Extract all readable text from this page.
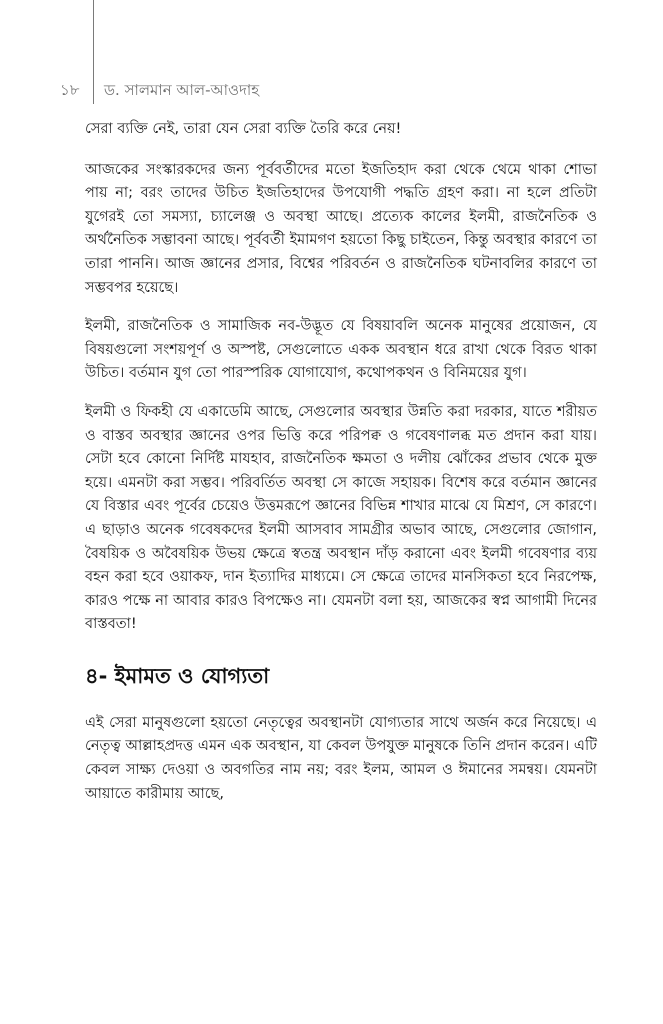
১৮ ড. সালমান আল-আওদাহ

সেরা ব্যক্তি নেই, তারা যেন সেরা ব্যক্তি তৈরি করে নেয়!

আজকের সংস্কারকদের জন্য পূর্ববর্তীদের মতো ইজতিহাদ করা থেকে থেমে থাকা শোভা পায় না; বরং তাদের উচিত ইজতিহাদের উপযোগী পদ্ধতি গ্রহণ করা। না হলে প্রতিটা যুগেরই তো সমস্যা, চ্যালেঞ্জ ও অবস্থা আছে। প্রত্যেক কালের ইলমী, রাজনৈতিক ও অর্থনৈতিক সম্ভাবনা আছে। পূর্ববর্তী ইমামগণ হয়তো কিছু চাইতেন, কিন্তু অবস্থার কারণে তা তারা পাননি। আজ জ্ঞানের প্রসার, বিশ্বের পরিবর্তন ও রাজনৈতিক ঘটনাবলির কারণে তা সম্ভবপর হয়েছে।

ইলমী, রাজনৈতিক ও সামাজিক নব-উদ্ভূত যে বিষয়াবলি অনেক মানুষের প্রয়োজন, যে বিষয়গুলো সংশয়পূর্ণ ও অস্পষ্ট, সেগুলোতে একক অবস্থান ধরে রাখা থেকে বিরত থাকা উচিত। বর্তমান যুগ তো পারস্পরিক যোগাযোগ, কথোপকথন ও বিনিময়ের যুগ।

ইলমী ও ফিকহী যে একাডেমি আছে, সেগুলোর অবস্থার উন্নতি করা দরকার, যাতে শরীয়ত ও বাস্তব অবস্থার জ্ঞানের ওপর ভিত্তি করে পরিপক্ব ও গবেষণালব্ধ মত প্রদান করা যায়। সেটা হবে কোনো নির্দিষ্ট মাযহাব, রাজনৈতিক ক্ষমতা ও দলীয় ঝোঁকের প্রভাব থেকে মুক্ত হয়ে। এমনটা করা সম্ভব। পরিবর্তিত অবস্থা সে কাজে সহায়ক। বিশেষ করে বর্তমান জ্ঞানের যে বিস্তার এবং পূর্বের চেয়েও উত্তমরূপে জ্ঞানের বিভিন্ন শাখার মাঝে যে মিশ্রণ, সে কারণে। এ ছাড়াও অনেক গবেষকদের ইলমী আসবাব সামগ্রীর অভাব আছে, সেগুলোর জোগান, বৈষয়িক ও অবৈষয়িক উভয় ক্ষেত্রে স্বতন্ত্র অবস্থান দাঁড় করানো এবং ইলমী গবেষণার ব্যয় বহন করা হবে ওয়াকফ, দান ইত্যাদির মাধ্যমে। সে ক্ষেত্রে তাদের মানসিকতা হবে নিরপেক্ষ, কারও পক্ষে না আবার কারও বিপক্ষেও না। যেমনটা বলা হয়, আজকের স্বপ্ন আগামী দিনের বাস্তবতা!

৪- ইমামত ও যোগ্যতা

এই সেরা মানুষগুলো হয়তো নেতৃত্বের অবস্থানটা যোগ্যতার সাথে অর্জন করে নিয়েছে। এ নেতৃত্ব আল্লাহপ্রদত্ত এমন এক অবস্থান, যা কেবল উপযুক্ত মানুষকে তিনি প্রদান করেন। এটি কেবল সাক্ষ্য দেওয়া ও অবগতির নাম নয়; বরং ইলম, আমল ও ঈমানের সমন্বয়। যেমনটা আয়াতে কারীমায় আছে,
